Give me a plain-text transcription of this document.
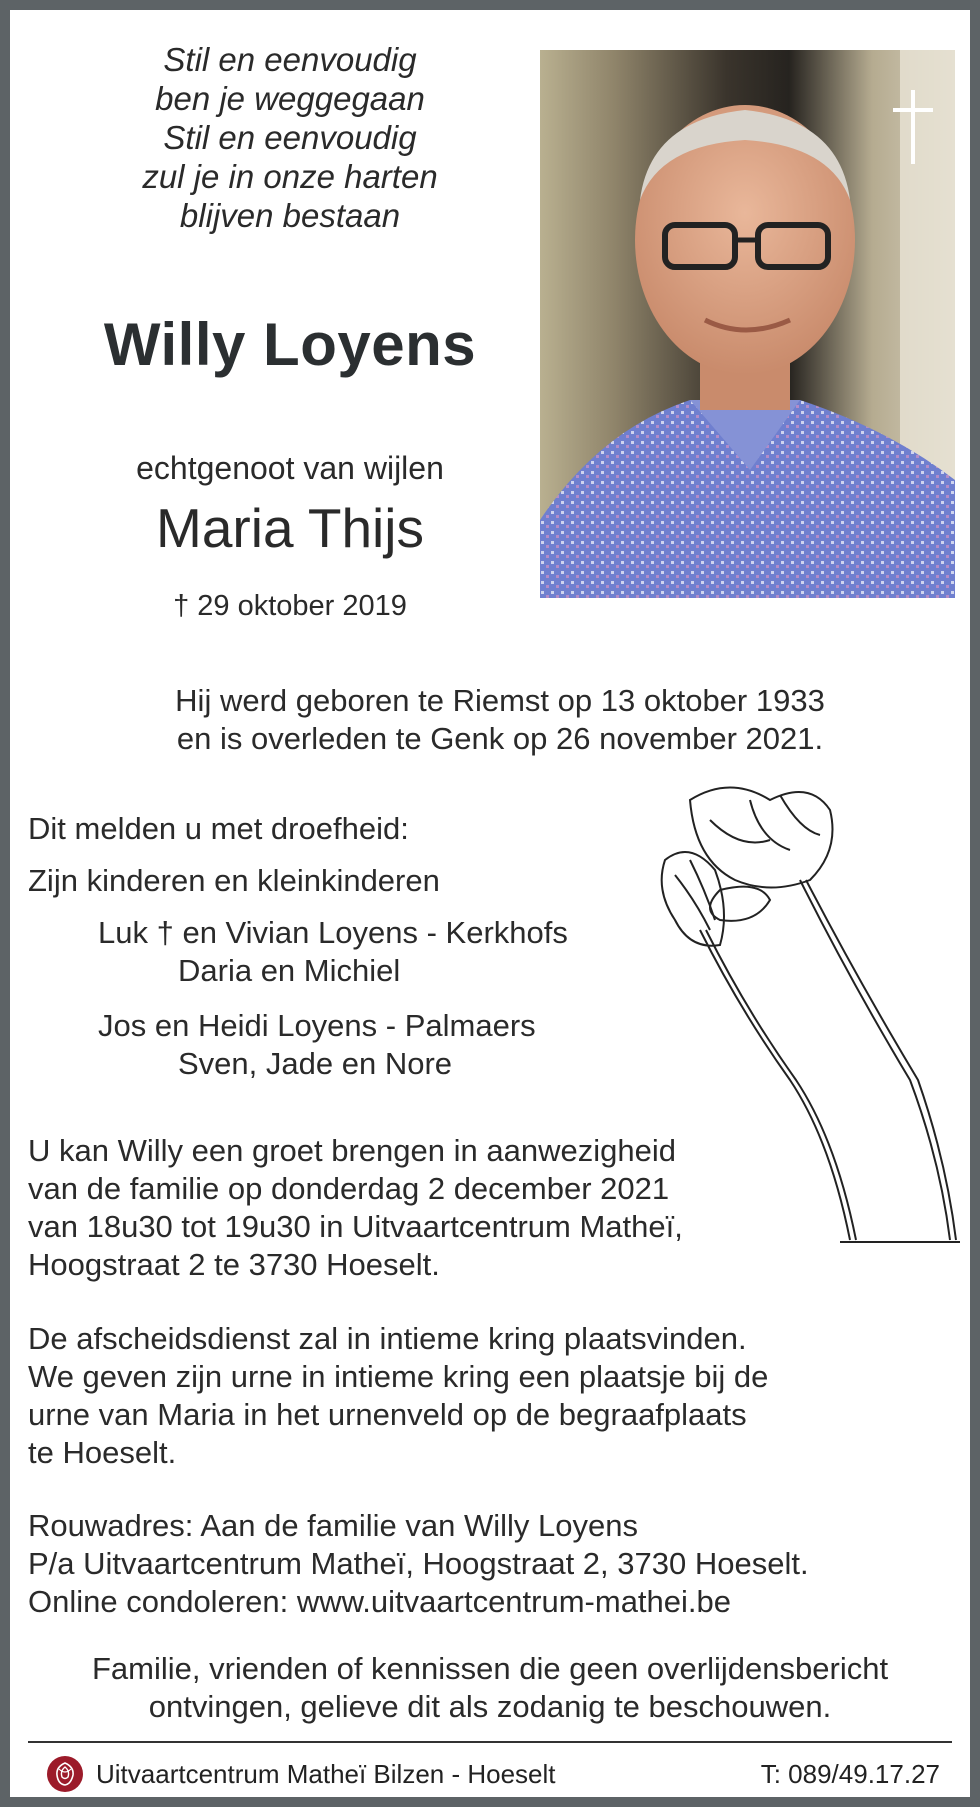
Stil en eenvoudig
ben je weggegaan
Stil en eenvoudig
zul je in onze harten
blijven bestaan
Willy Loyens
echtgenoot van wijlen
Maria Thijs
† 29 oktober 2019
Hij werd geboren te Riemst op 13 oktober 1933
en is overleden te Genk op 26 november 2021.
Dit melden u met droefheid:
Zijn kinderen en kleinkinderen
Luk † en Vivian Loyens - Kerkhofs
Daria en Michiel
Jos en Heidi Loyens - Palmaers
Sven, Jade en Nore
U kan Willy een groet brengen in aanwezigheid
van de familie op donderdag 2 december 2021
van 18u30 tot 19u30 in Uitvaartcentrum Matheï,
Hoogstraat 2 te 3730 Hoeselt.
De afscheidsdienst zal in intieme kring plaatsvinden.
We geven zijn urne in intieme kring een plaatsje bij de
urne van Maria in het urnenveld op de begraafplaats
te Hoeselt.
Rouwadres: Aan de familie van Willy Loyens
P/a Uitvaartcentrum Matheï, Hoogstraat 2, 3730 Hoeselt.
Online condoleren: www.uitvaartcentrum-mathei.be
Familie, vrienden of kennissen die geen overlijdensbericht
ontvingen, gelieve dit als zodanig te beschouwen.
Uitvaartcentrum Matheï Bilzen - Hoeselt	T: 089/49.17.27
